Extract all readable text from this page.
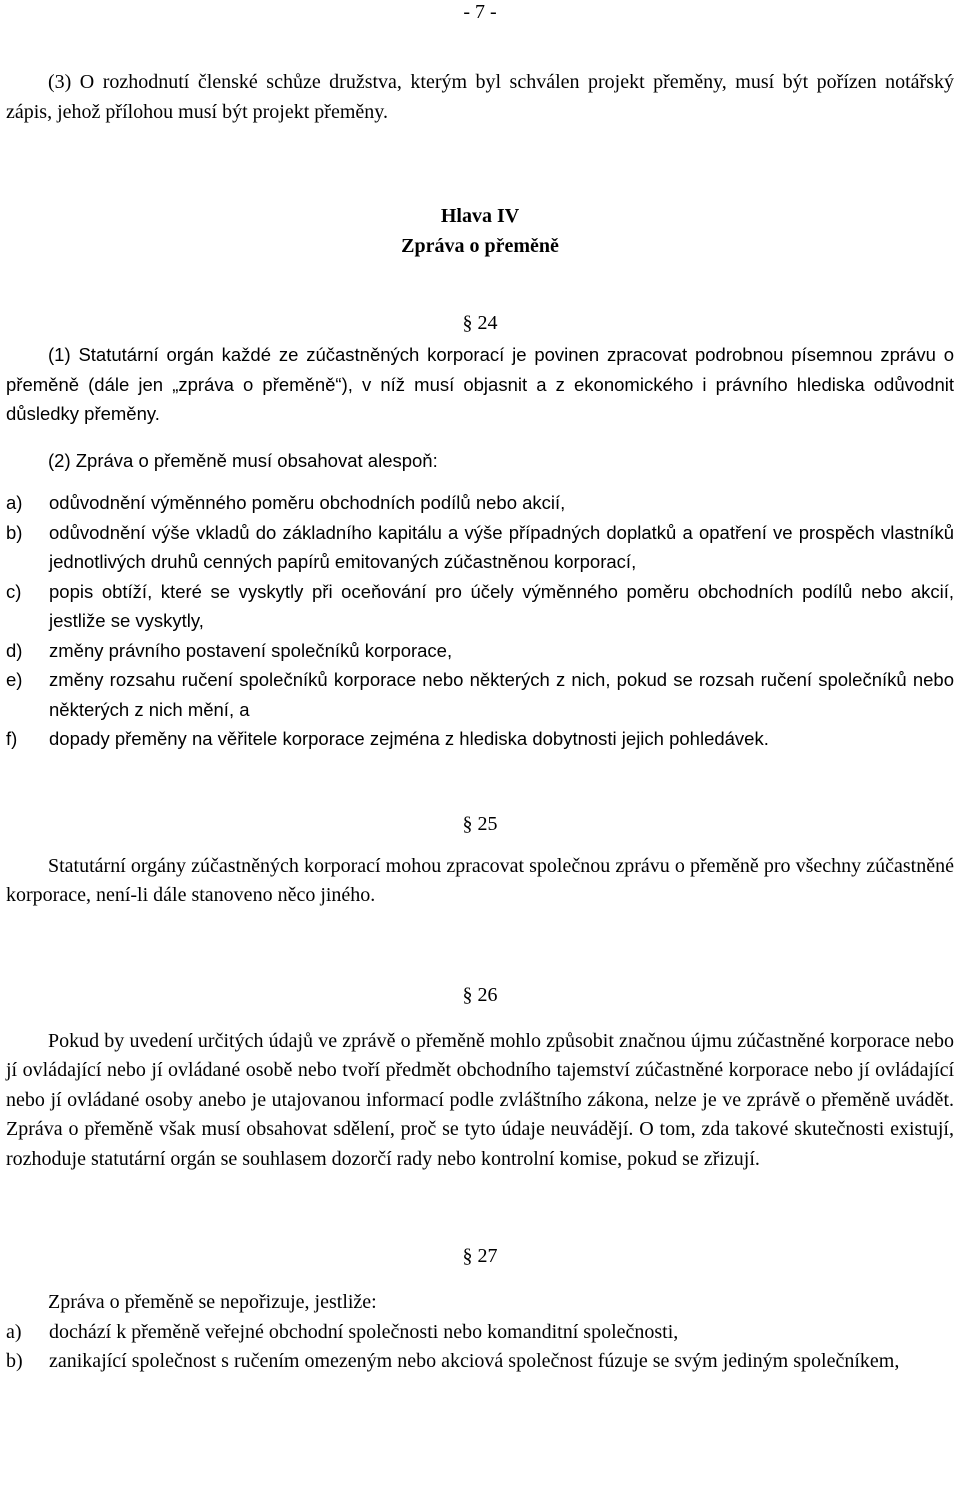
- 7 -

(3) O rozhodnutí členské schůze družstva, kterým byl schválen projekt přeměny, musí být pořízen notářský zápis, jehož přílohou musí být projekt přeměny.

Hlava IV

Zpráva o přeměně

§ 24

(1) Statutární orgán každé ze zúčastněných korporací je povinen zpracovat podrobnou písemnou zprávu o přeměně (dále jen „zpráva o přeměně“), v níž musí objasnit a z ekonomického i právního hlediska odůvodnit důsledky přeměny.

(2) Zpráva o přeměně musí obsahovat alespoň:

a) odůvodnění výměnného poměru obchodních podílů nebo akcií,
b) odůvodnění výše vkladů do základního kapitálu a výše případných doplatků a opatření ve prospěch vlastníků jednotlivých druhů cenných papírů emitovaných zúčastněnou korporací,
c) popis obtíží, které se vyskytly při oceňování pro účely výměnného poměru obchodních podílů nebo akcií, jestliže se vyskytly,
d) změny právního postavení společníků korporace,
e) změny rozsahu ručení společníků korporace nebo některých z nich, pokud se rozsah ručení společníků nebo některých z nich mění, a
f) dopady přeměny na věřitele korporace zejména z hlediska dobytnosti jejich pohledávek.

§ 25

Statutární orgány zúčastněných korporací mohou zpracovat společnou zprávu o přeměně pro všechny zúčastněné korporace, není-li dále stanoveno něco jiného.

§ 26

Pokud by uvedení určitých údajů ve zprávě o přeměně mohlo způsobit značnou újmu zúčastněné korporace nebo jí ovládající nebo jí ovládané osobě nebo tvoří předmět obchodního tajemství zúčastněné korporace nebo jí ovládající nebo jí ovládané osoby anebo je utajovanou informací podle zvláštního zákona, nelze je ve zprávě o přeměně uvádět. Zpráva o přeměně však musí obsahovat sdělení, proč se tyto údaje neuvádějí. O tom, zda takové skutečnosti existují, rozhoduje statutární orgán se souhlasem dozorčí rady nebo kontrolní komise, pokud se zřizují.

§ 27

Zpráva o přeměně se nepořizuje, jestliže:

a) dochází k přeměně veřejné obchodní společnosti nebo komanditní společnosti,
b) zanikající společnost s ručením omezeným nebo akciová společnost fúzuje se svým jediným společníkem,
